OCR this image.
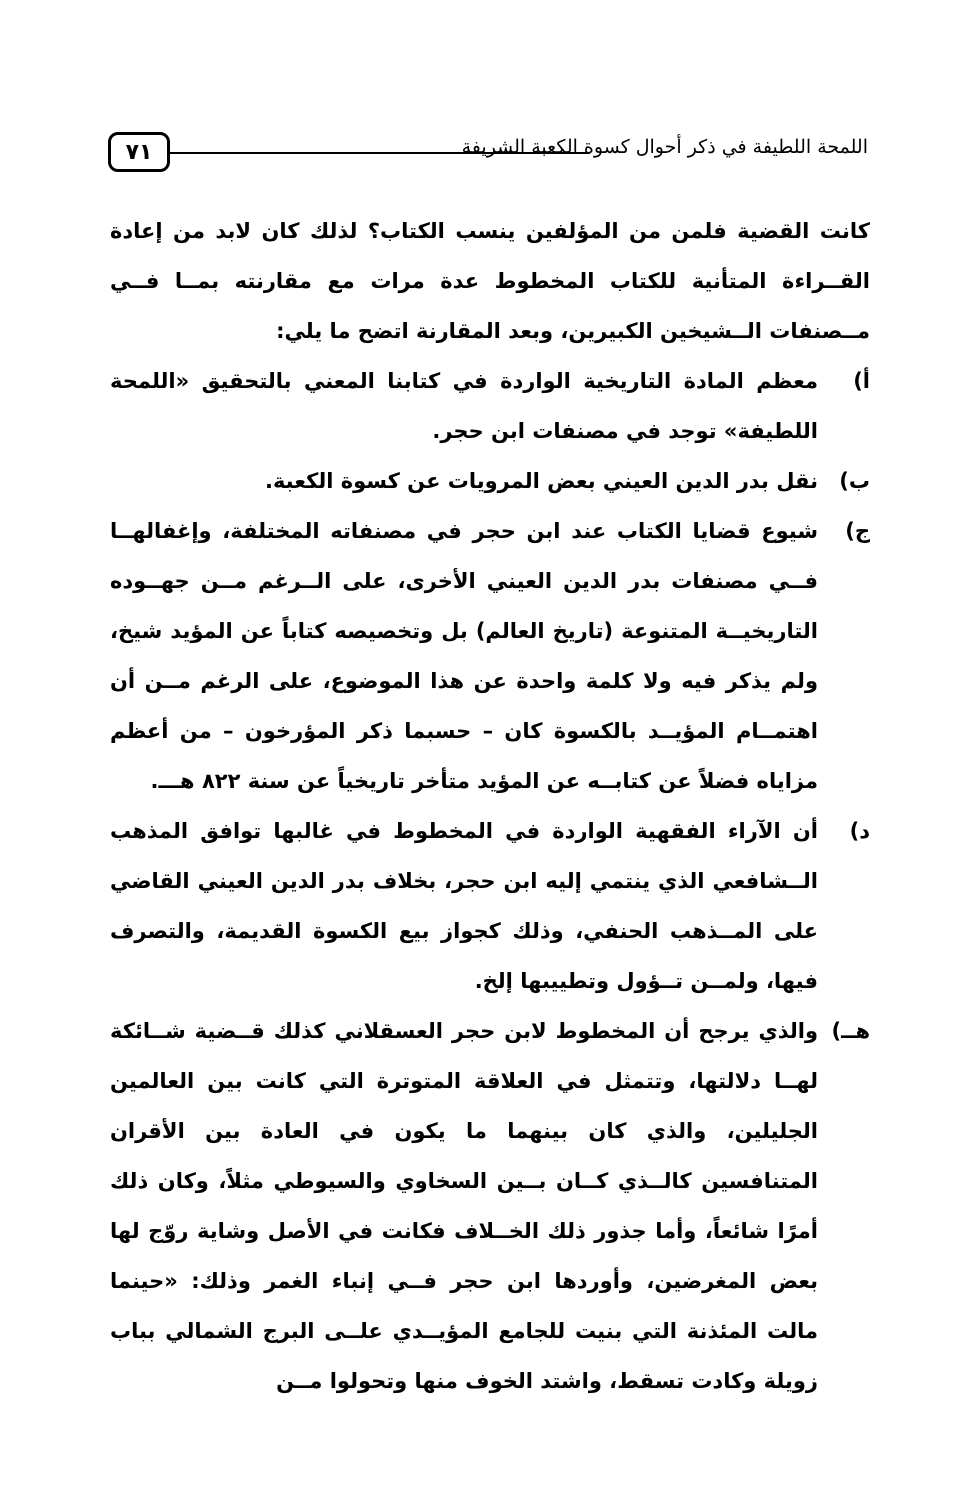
٧١	اللمحة اللطيفة في ذكر أحوال كسوة الكعبة الشريفة

كانت القضية فلمن من المؤلفين ينسب الكتاب؟ لذلك كان لابد من إعادة القــراءة المتأنية للكتاب المخطوط عدة مرات مع مقارنته بمــا فــي مــصنفات الــشيخين الكبيرين، وبعد المقارنة اتضح ما يلي:

أ)
معظم المادة التاريخية الواردة في كتابنا المعني بالتحقيق «اللمحة اللطيفة» توجد في مصنفات ابن حجر.
ب)
نقل بدر الدين العيني بعض المرويات عن كسوة الكعبة.
ج)
شيوع قضايا الكتاب عند ابن حجر في مصنفاته المختلفة، وإغفالهــا فــي مصنفات بدر الدين العيني الأخرى، على الــرغم مــن جهــوده التاريخيــة المتنوعة (تاريخ العالم) بل وتخصيصه كتاباً عن المؤيد شيخ، ولم يذكر فيه ولا كلمة واحدة عن هذا الموضوع، على الرغم مــن أن اهتمــام المؤيــد بالكسوة كان – حسبما ذكر المؤرخون – من أعظم مزاياه فضلاً عن كتابــه عن المؤيد متأخر تاريخياً عن سنة ٨٢٢ هـــ.
د)
أن الآراء الفقهية الواردة في المخطوط في غالبها توافق المذهب الــشافعي الذي ينتمي إليه ابن حجر، بخلاف بدر الدين العيني القاضي على المــذهب الحنفي، وذلك كجواز بيع الكسوة القديمة، والتصرف فيها، ولمــن تــؤول وتطييبها إلخ.
هــ)
والذي يرجح أن المخطوط لابن حجر العسقلاني كذلك قــضية شــائكة لهــا دلالتها، وتتمثل في العلاقة المتوترة التي كانت بين العالمين الجليلين، والذي كان بينهما ما يكون في العادة بين الأقران المتنافسين كالــذي كــان بــين السخاوي والسيوطي مثلاً، وكان ذلك أمرًا شائعاً، وأما جذور ذلك الخــلاف فكانت في الأصل وشاية روّج لها بعض المغرضين، وأوردها ابن حجر فــي إنباء الغمر وذلك: «حينما مالت المئذنة التي بنيت للجامع المؤيــدي علــى البرج الشمالي بباب زويلة وكادت تسقط، واشتد الخوف منها وتحولوا مــن
